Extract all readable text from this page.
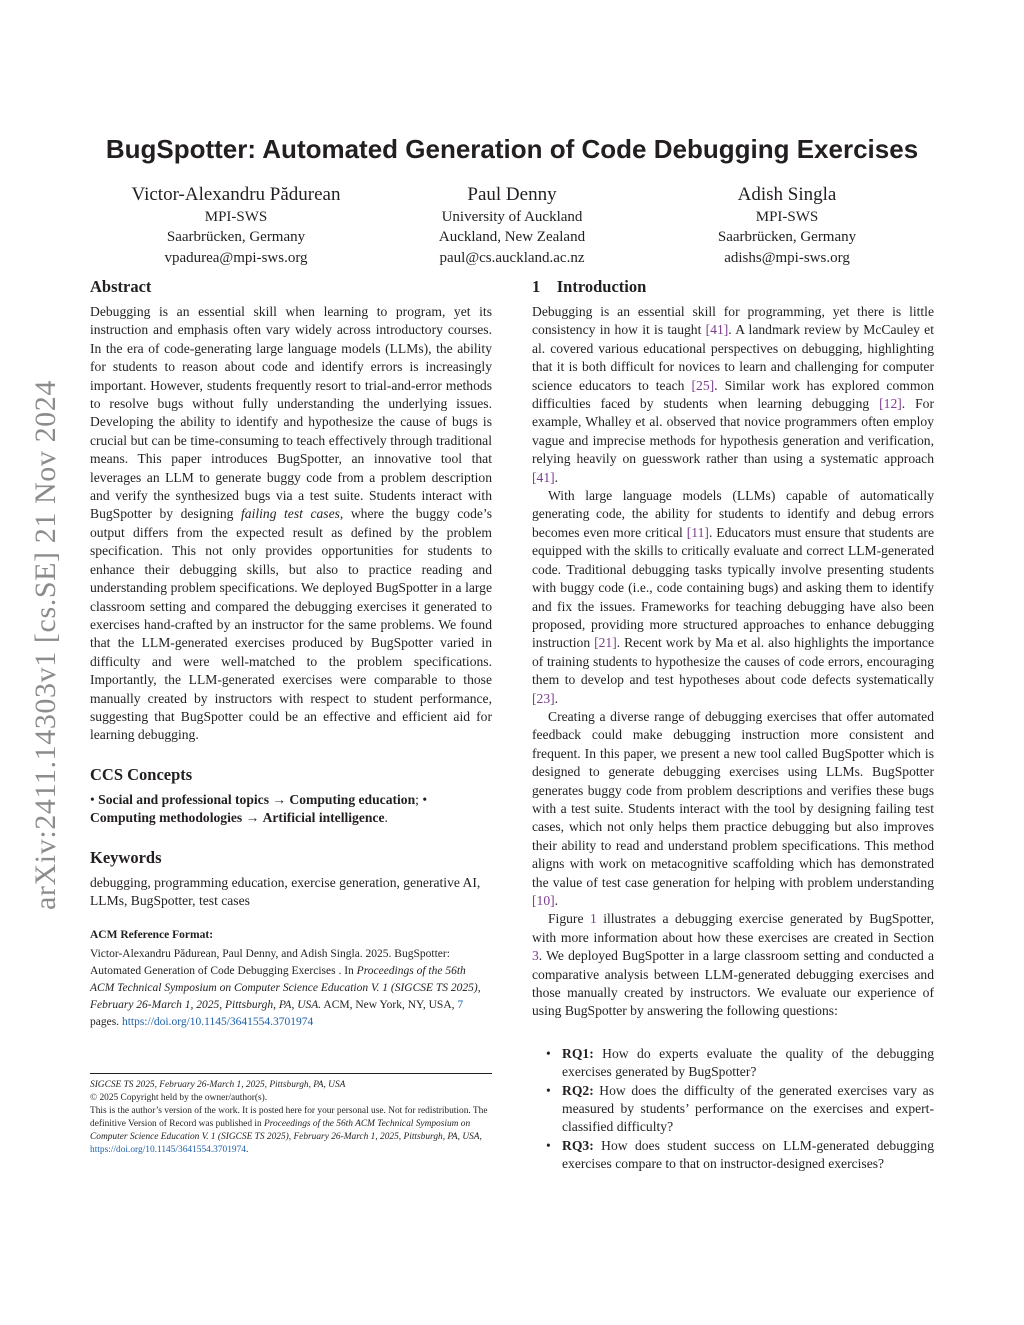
arXiv:2411.14303v1 [cs.SE] 21 Nov 2024
BugSpotter: Automated Generation of Code Debugging Exercises
Victor-Alexandru Pădurean
MPI-SWS
Saarbrücken, Germany
vpadurea@mpi-sws.org
Paul Denny
University of Auckland
Auckland, New Zealand
paul@cs.auckland.ac.nz
Adish Singla
MPI-SWS
Saarbrücken, Germany
adishs@mpi-sws.org
Abstract
Debugging is an essential skill when learning to program, yet its instruction and emphasis often vary widely across introductory courses. In the era of code-generating large language models (LLMs), the ability for students to reason about code and identify errors is increasingly important. However, students frequently resort to trial-and-error methods to resolve bugs without fully understanding the underlying issues. Developing the ability to identify and hypothesize the cause of bugs is crucial but can be time-consuming to teach effectively through traditional means. This paper introduces BugSpotter, an innovative tool that leverages an LLM to generate buggy code from a problem description and verify the synthesized bugs via a test suite. Students interact with BugSpotter by designing failing test cases, where the buggy code’s output differs from the expected result as defined by the problem specification. This not only provides opportunities for students to enhance their debugging skills, but also to practice reading and understanding problem specifications. We deployed BugSpotter in a large classroom setting and compared the debugging exercises it generated to exercises hand-crafted by an instructor for the same problems. We found that the LLM-generated exercises produced by BugSpotter varied in difficulty and were well-matched to the problem specifications. Importantly, the LLM-generated exercises were comparable to those manually created by instructors with respect to student performance, suggesting that BugSpotter could be an effective and efficient aid for learning debugging.
CCS Concepts
• Social and professional topics → Computing education; • Computing methodologies → Artificial intelligence.
Keywords
debugging, programming education, exercise generation, generative AI, LLMs, BugSpotter, test cases
ACM Reference Format:
Victor-Alexandru Pădurean, Paul Denny, and Adish Singla. 2025. BugSpotter: Automated Generation of Code Debugging Exercises . In Proceedings of the 56th ACM Technical Symposium on Computer Science Education V. 1 (SIGCSE TS 2025), February 26-March 1, 2025, Pittsburgh, PA, USA. ACM, New York, NY, USA, 7 pages. https://doi.org/10.1145/3641554.3701974

SIGCSE TS 2025, February 26-March 1, 2025, Pittsburgh, PA, USA

© 2025 Copyright held by the owner/author(s).

This is the author’s version of the work. It is posted here for your personal use. Not for redistribution. The definitive Version of Record was published in Proceedings of the 56th ACM Technical Symposium on Computer Science Education V. 1 (SIGCSE TS 2025), February 26-March 1, 2025, Pittsburgh, PA, USA, https://doi.org/10.1145/3641554.3701974.

1    Introduction

Debugging is an essential skill for programming, yet there is little consistency in how it is taught [41]. A landmark review by McCauley et al. covered various educational perspectives on debugging, highlighting that it is both difficult for novices to learn and challenging for computer science educators to teach [25]. Similar work has explored common difficulties faced by students when learning debugging [12]. For example, Whalley et al. observed that novice programmers often employ vague and imprecise methods for hypothesis generation and verification, relying heavily on guesswork rather than using a systematic approach [41].

With large language models (LLMs) capable of automatically generating code, the ability for students to identify and debug errors becomes even more critical [11]. Educators must ensure that students are equipped with the skills to critically evaluate and correct LLM-generated code. Traditional debugging tasks typically involve presenting students with buggy code (i.e., code containing bugs) and asking them to identify and fix the issues. Frameworks for teaching debugging have also been proposed, providing more structured approaches to enhance debugging instruction [21]. Recent work by Ma et al. also highlights the importance of training students to hypothesize the causes of code errors, encouraging them to develop and test hypotheses about code defects systematically [23].

Creating a diverse range of debugging exercises that offer automated feedback could make debugging instruction more consistent and frequent. In this paper, we present a new tool called BugSpotter which is designed to generate debugging exercises using LLMs. BugSpotter generates buggy code from problem descriptions and verifies these bugs with a test suite. Students interact with the tool by designing failing test cases, which not only helps them practice debugging but also improves their ability to read and understand problem specifications. This method aligns with work on metacognitive scaffolding which has demonstrated the value of test case generation for helping with problem understanding [10].

Figure 1 illustrates a debugging exercise generated by BugSpotter, with more information about how these exercises are created in Section 3. We deployed BugSpotter in a large classroom setting and conducted a comparative analysis between LLM-generated debugging exercises and those manually created by instructors. We evaluate our experience of using BugSpotter by answering the following questions:

• RQ1: How do experts evaluate the quality of the debugging exercises generated by BugSpotter?
• RQ2: How does the difficulty of the generated exercises vary as measured by students’ performance on the exercises and expert-classified difficulty?
• RQ3: How does student success on LLM-generated debugging exercises compare to that on instructor-designed exercises?
